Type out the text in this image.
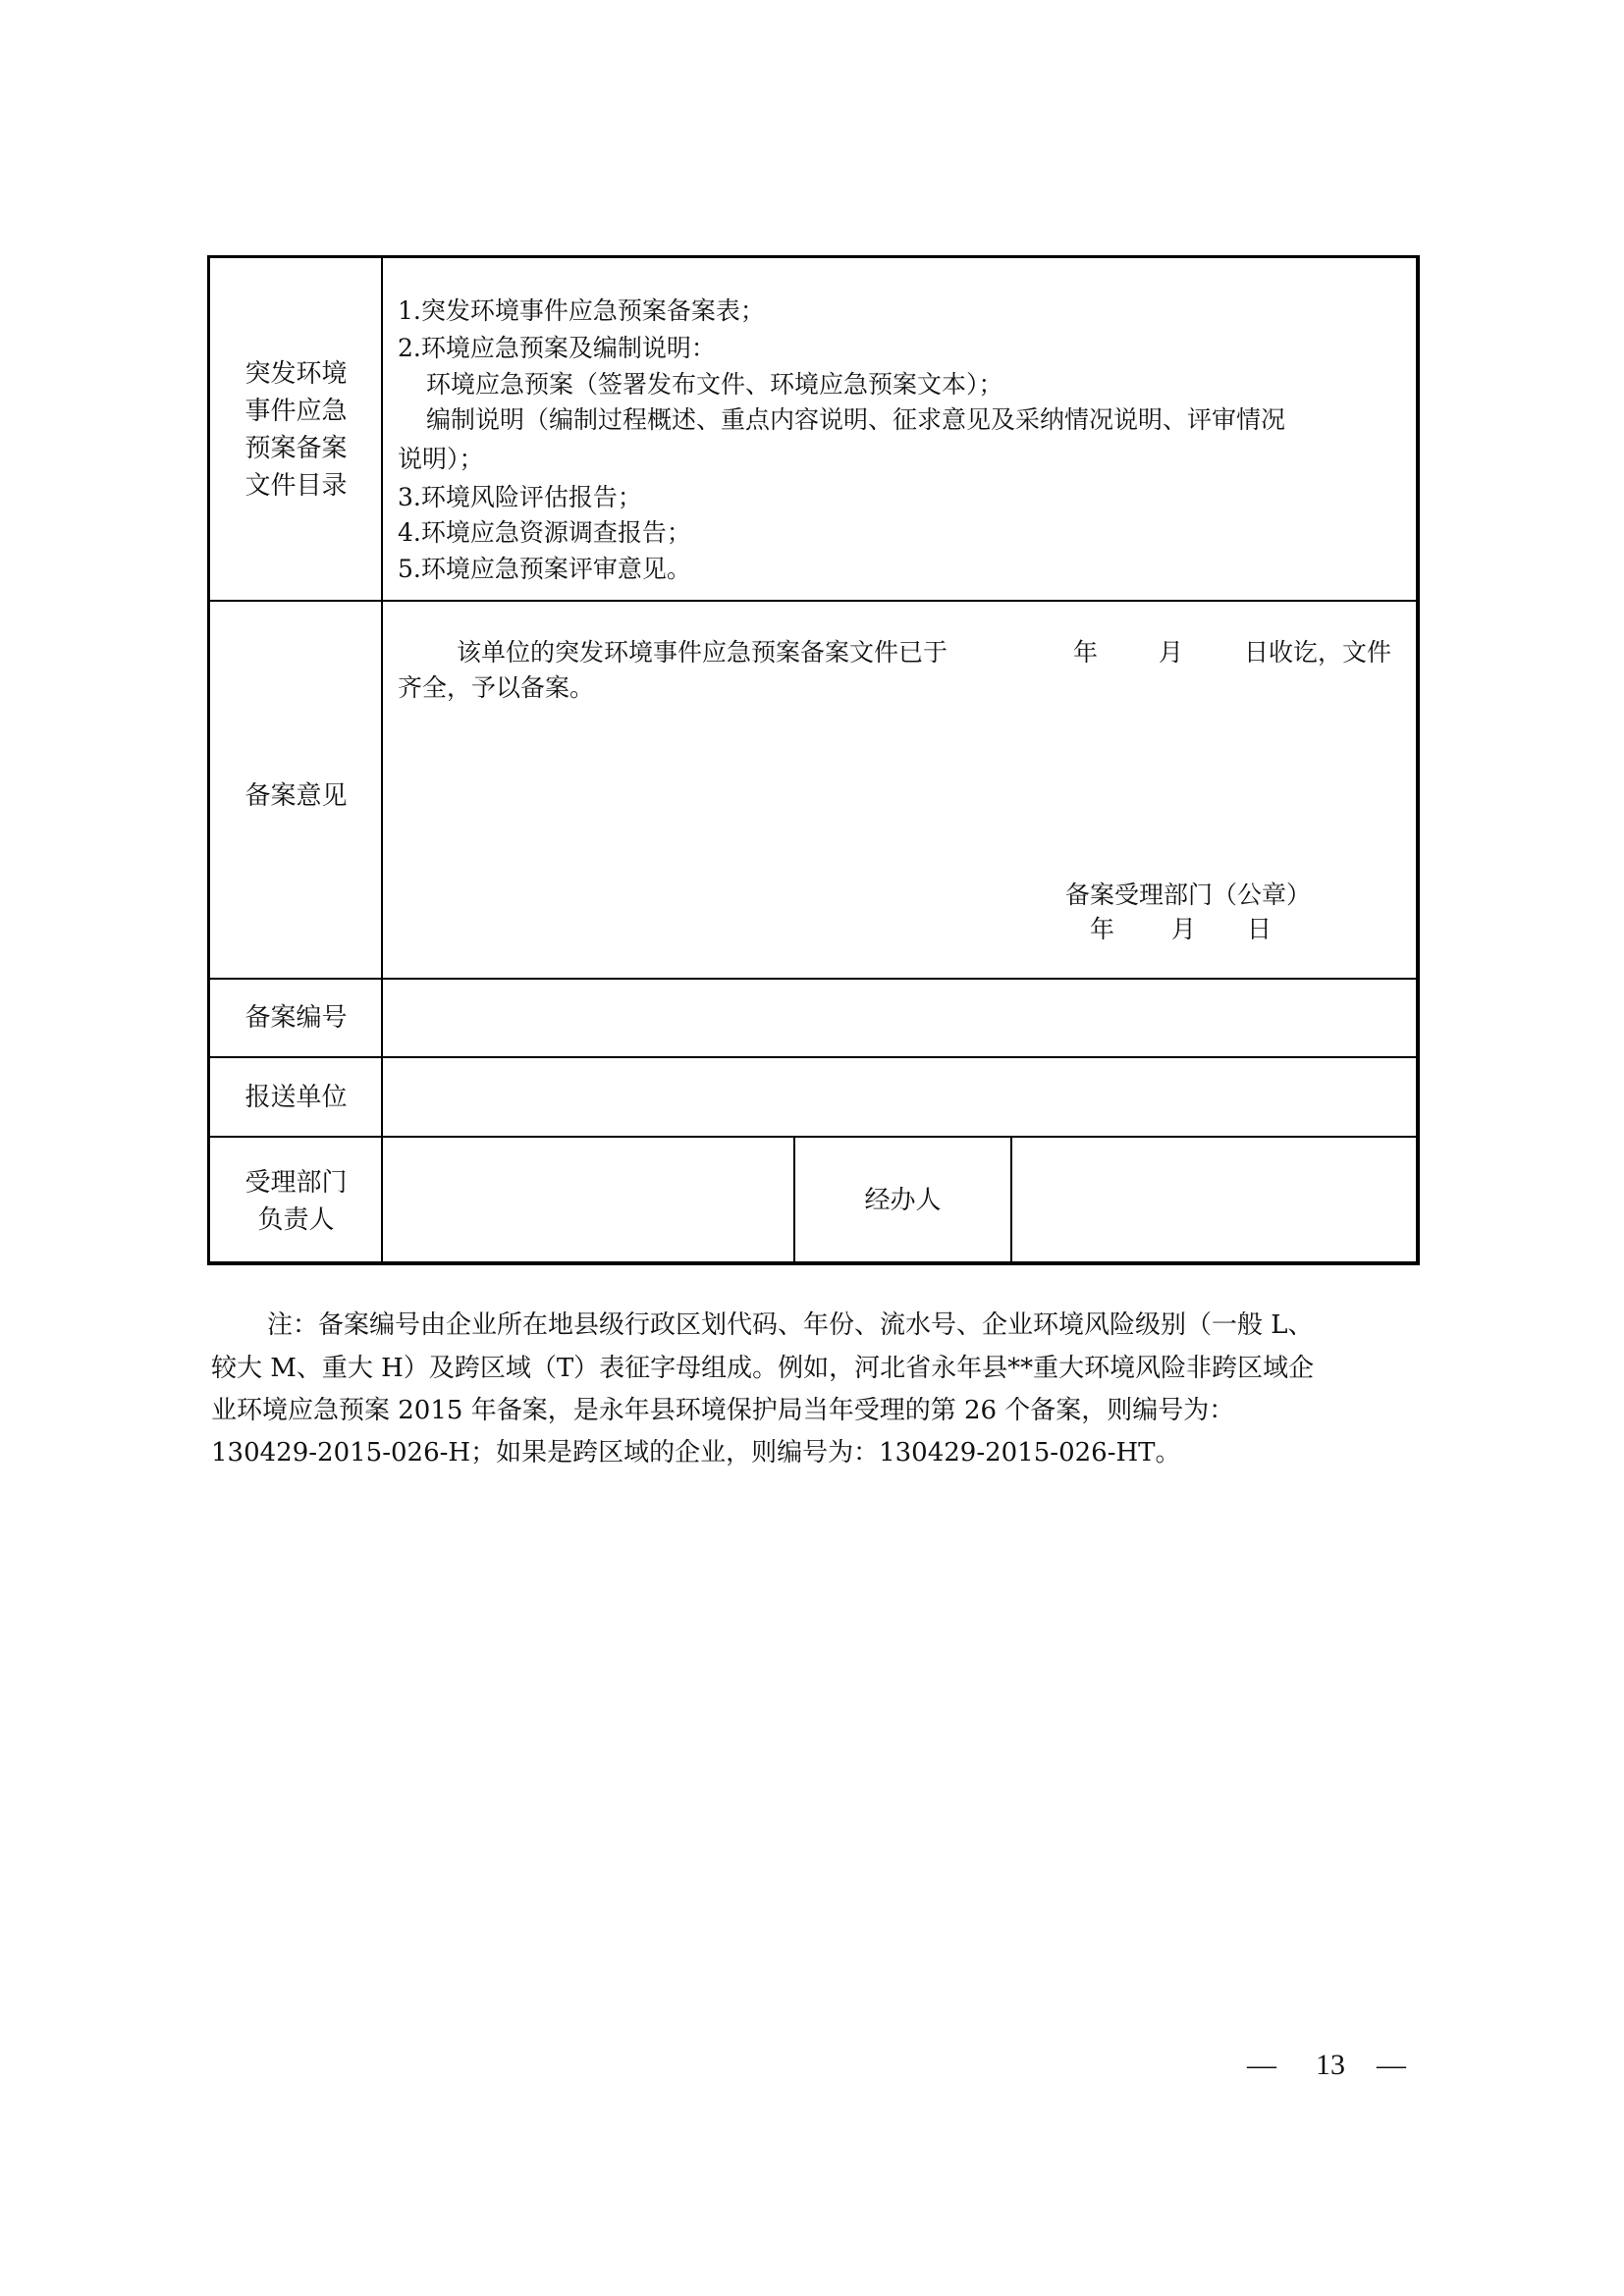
突发环境
事件应急
预案备案
文件目录
1.突发环境事件应急预案备案表；
2.环境应急预案及编制说明：
环境应急预案（签署发布文件、环境应急预案文本）；
编制说明（编制过程概述、重点内容说明、征求意见及采纳情况说明、评审情况
说明）；
3.环境风险评估报告；
4.环境应急资源调查报告；
5.环境应急预案评审意见。
备案意见
该单位的突发环境事件应急预案备案文件已于	年 月 日收讫，文件
齐全，予以备案。
备案受理部门（公章）
年 月 日
备案编号
报送单位
受理部门
负责人
经办人
注：备案编号由企业所在地县级行政区划代码、年份、流水号、企业环境风险级别（一般 L、
较大 M、重大 H）及跨区域（T）表征字母组成。例如，河北省永年县**重大环境风险非跨区域企
业环境应急预案 2015 年备案，是永年县环境保护局当年受理的第 26 个备案，则编号为：
130429-2015-026-H；如果是跨区域的企业，则编号为：130429-2015-026-HT。
— 13 —
